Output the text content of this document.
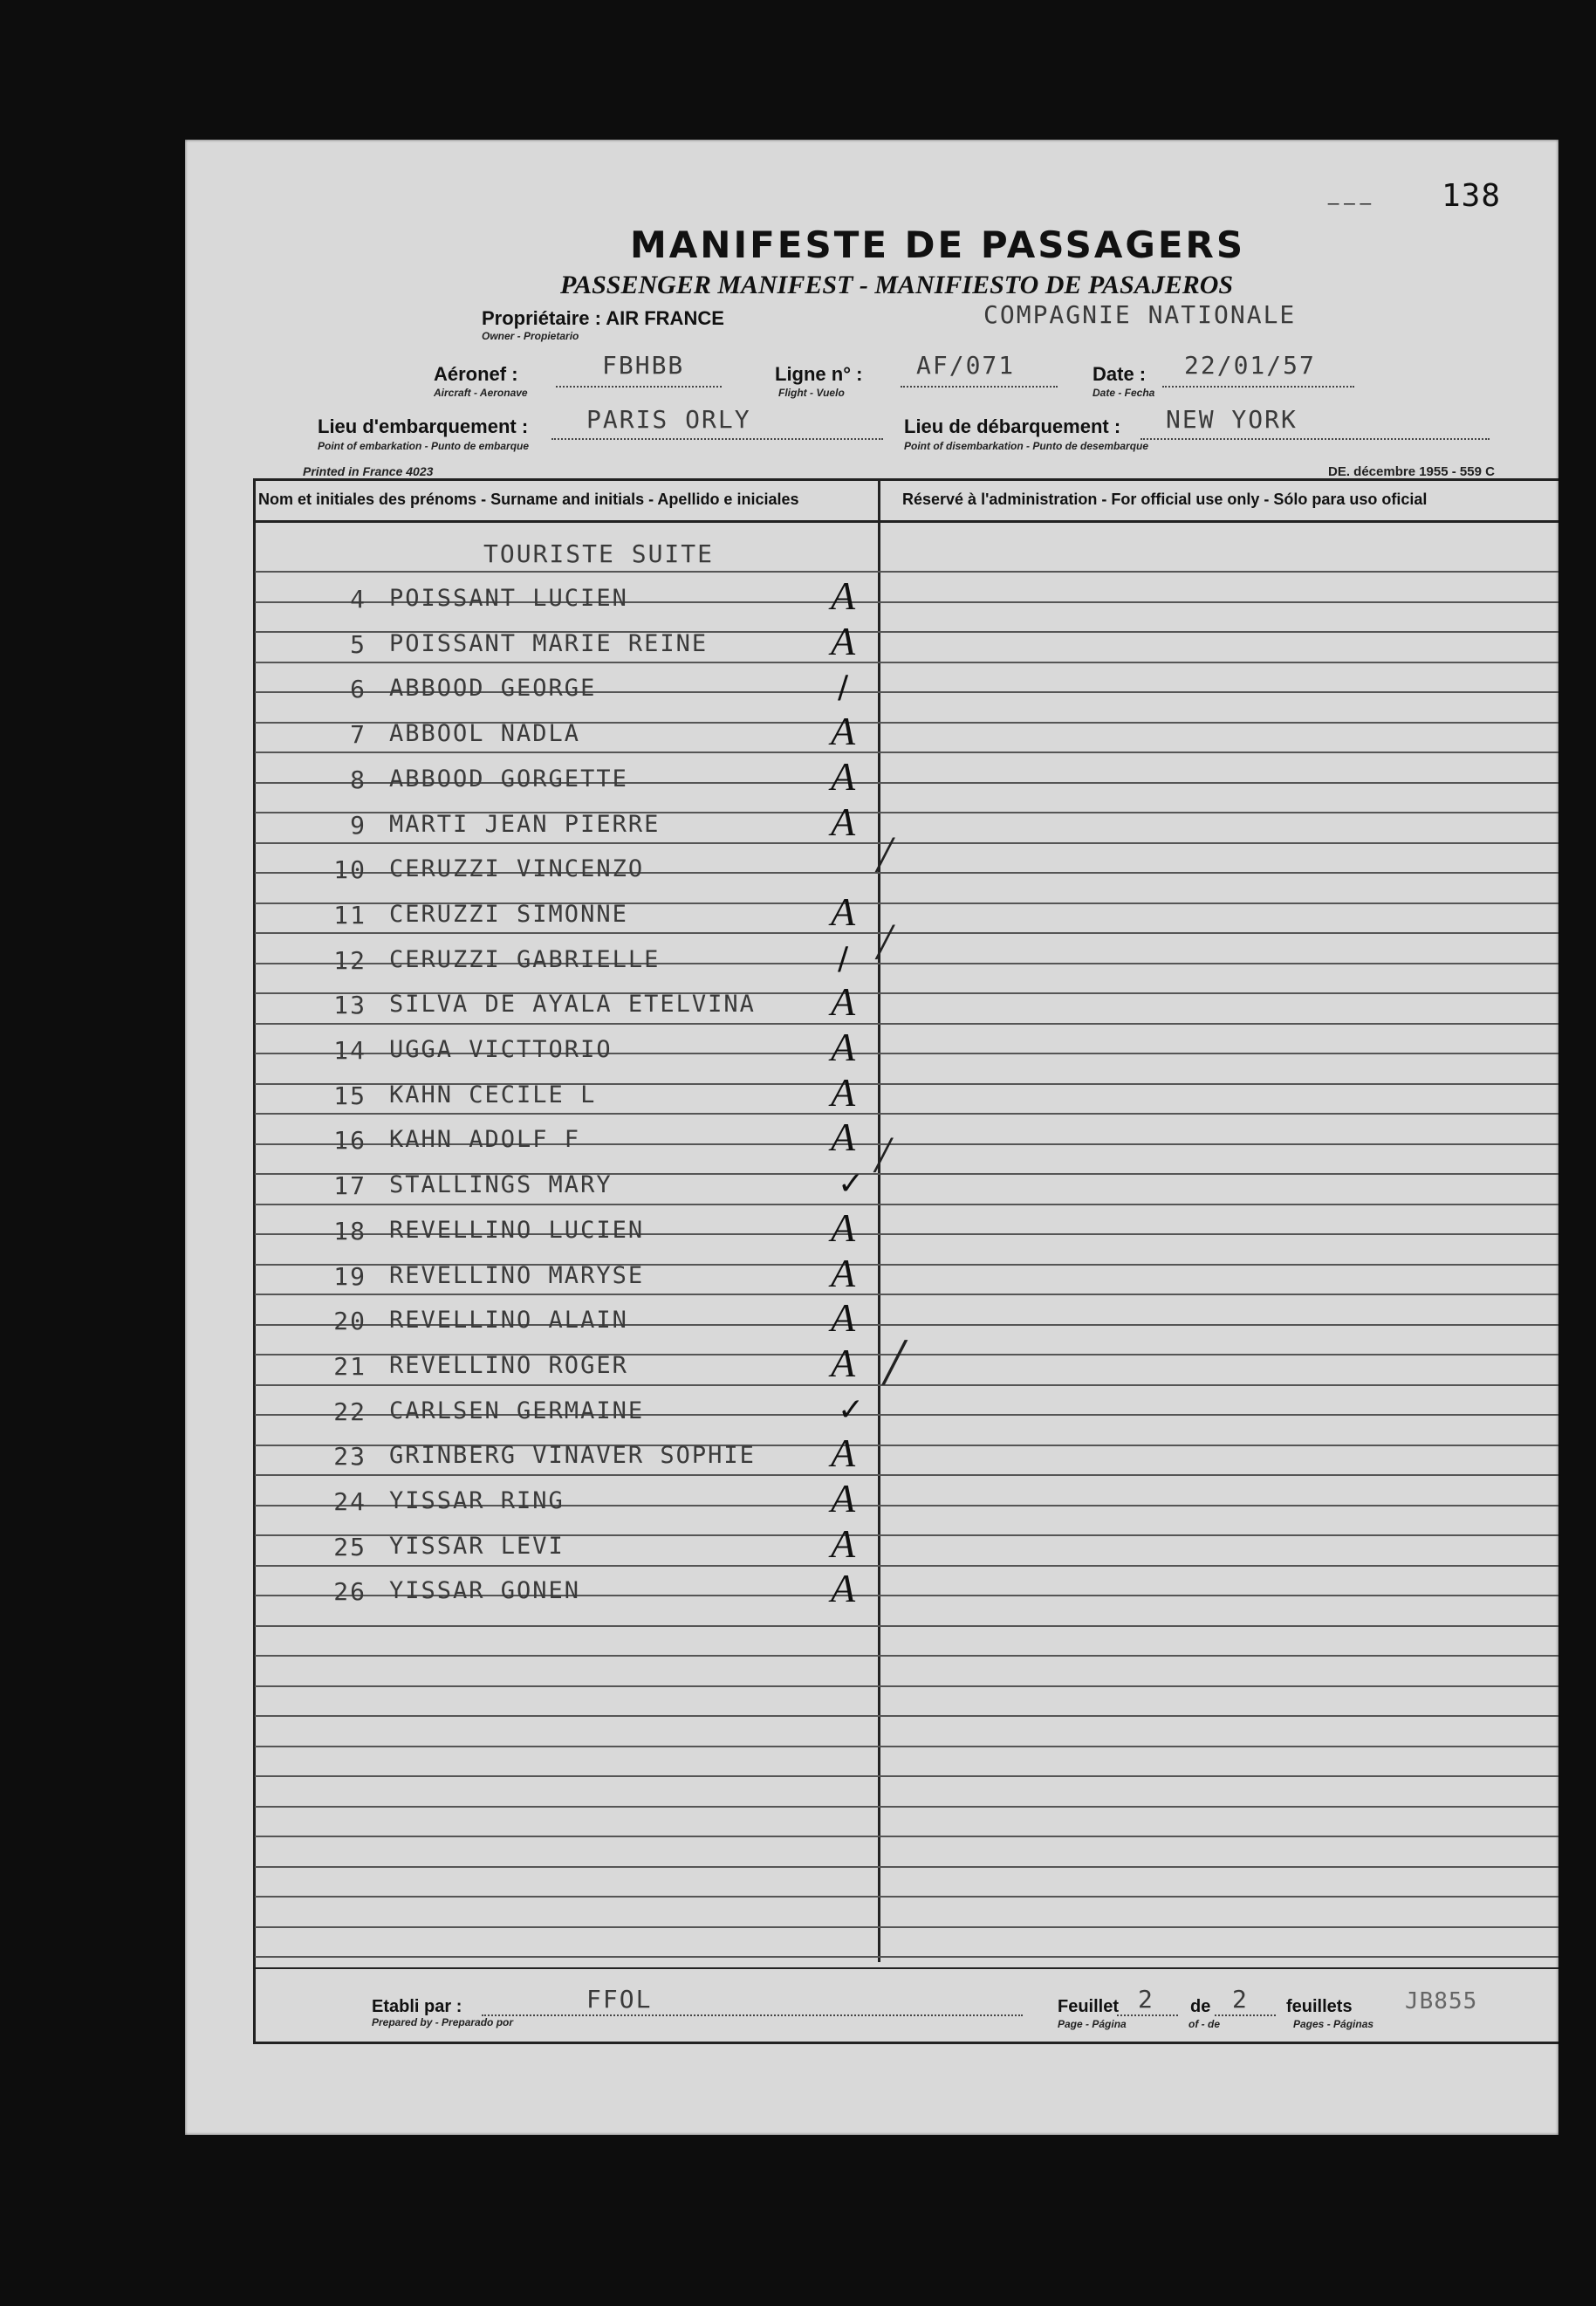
138
_ _ _
MANIFESTE DE PASSAGERS
PASSENGER MANIFEST - MANIFIESTO DE PASAJEROS
Propriétaire : AIR FRANCE
Owner - Propietario
COMPAGNIE NATIONALE
Aéronef :
Aircraft - Aeronave
FBHBB	Ligne n° :
Flight - Vuelo
AF/071	Date :
Date - Fecha
22/01/57
Lieu d'embarquement :
Point of embarkation - Punto de embarque
PARIS ORLY	Lieu de débarquement :
Point of disembarkation - Punto de desembarque
NEW YORK
Printed in France 4023	DE. décembre 1955 - 559 C
Nom et initiales des prénoms - Surname and initials - Apellido e iniciales	Réservé à l'administration - For official use only - Sólo para uso oficial
TOURISTE SUITE
4 POISSANT LUCIEN	A
5 POISSANT MARIE REINE	A
6 ABBOOD GEORGE	/
7 ABBOOL NADLA	A
8 ABBOOD GORGETTE	A
9 MARTI JEAN PIERRE	A
10 CERUZZI VINCENZO
11 CERUZZI SIMONNE	A
12 CERUZZI GABRIELLE	/
13 SILVA DE AYALA ETELVINA A
14 UGGA VICTTORIO	A
15 KAHN CECILE L	A
16 KAHN ADOLF F	A
17 STALLINGS MARY	✓
18 REVELLINO LUCIEN	A
19 REVELLINO MARYSE	A
20 REVELLINO ALAIN	A
21 REVELLINO ROGER	A
22 CARLSEN GERMAINE	✓
23 GRINBERG VINAVER SOPHIE A
24 YISSAR RING	A
25 YISSAR LEVI	A
26 YISSAR GONEN	A
╱
╱
╱
╱
Etabli par :
Prepared by - Preparado por
FFOL	Feuillet 2 de 2 feuillets JB855
Page - Página	of - de	Pages - Páginas
